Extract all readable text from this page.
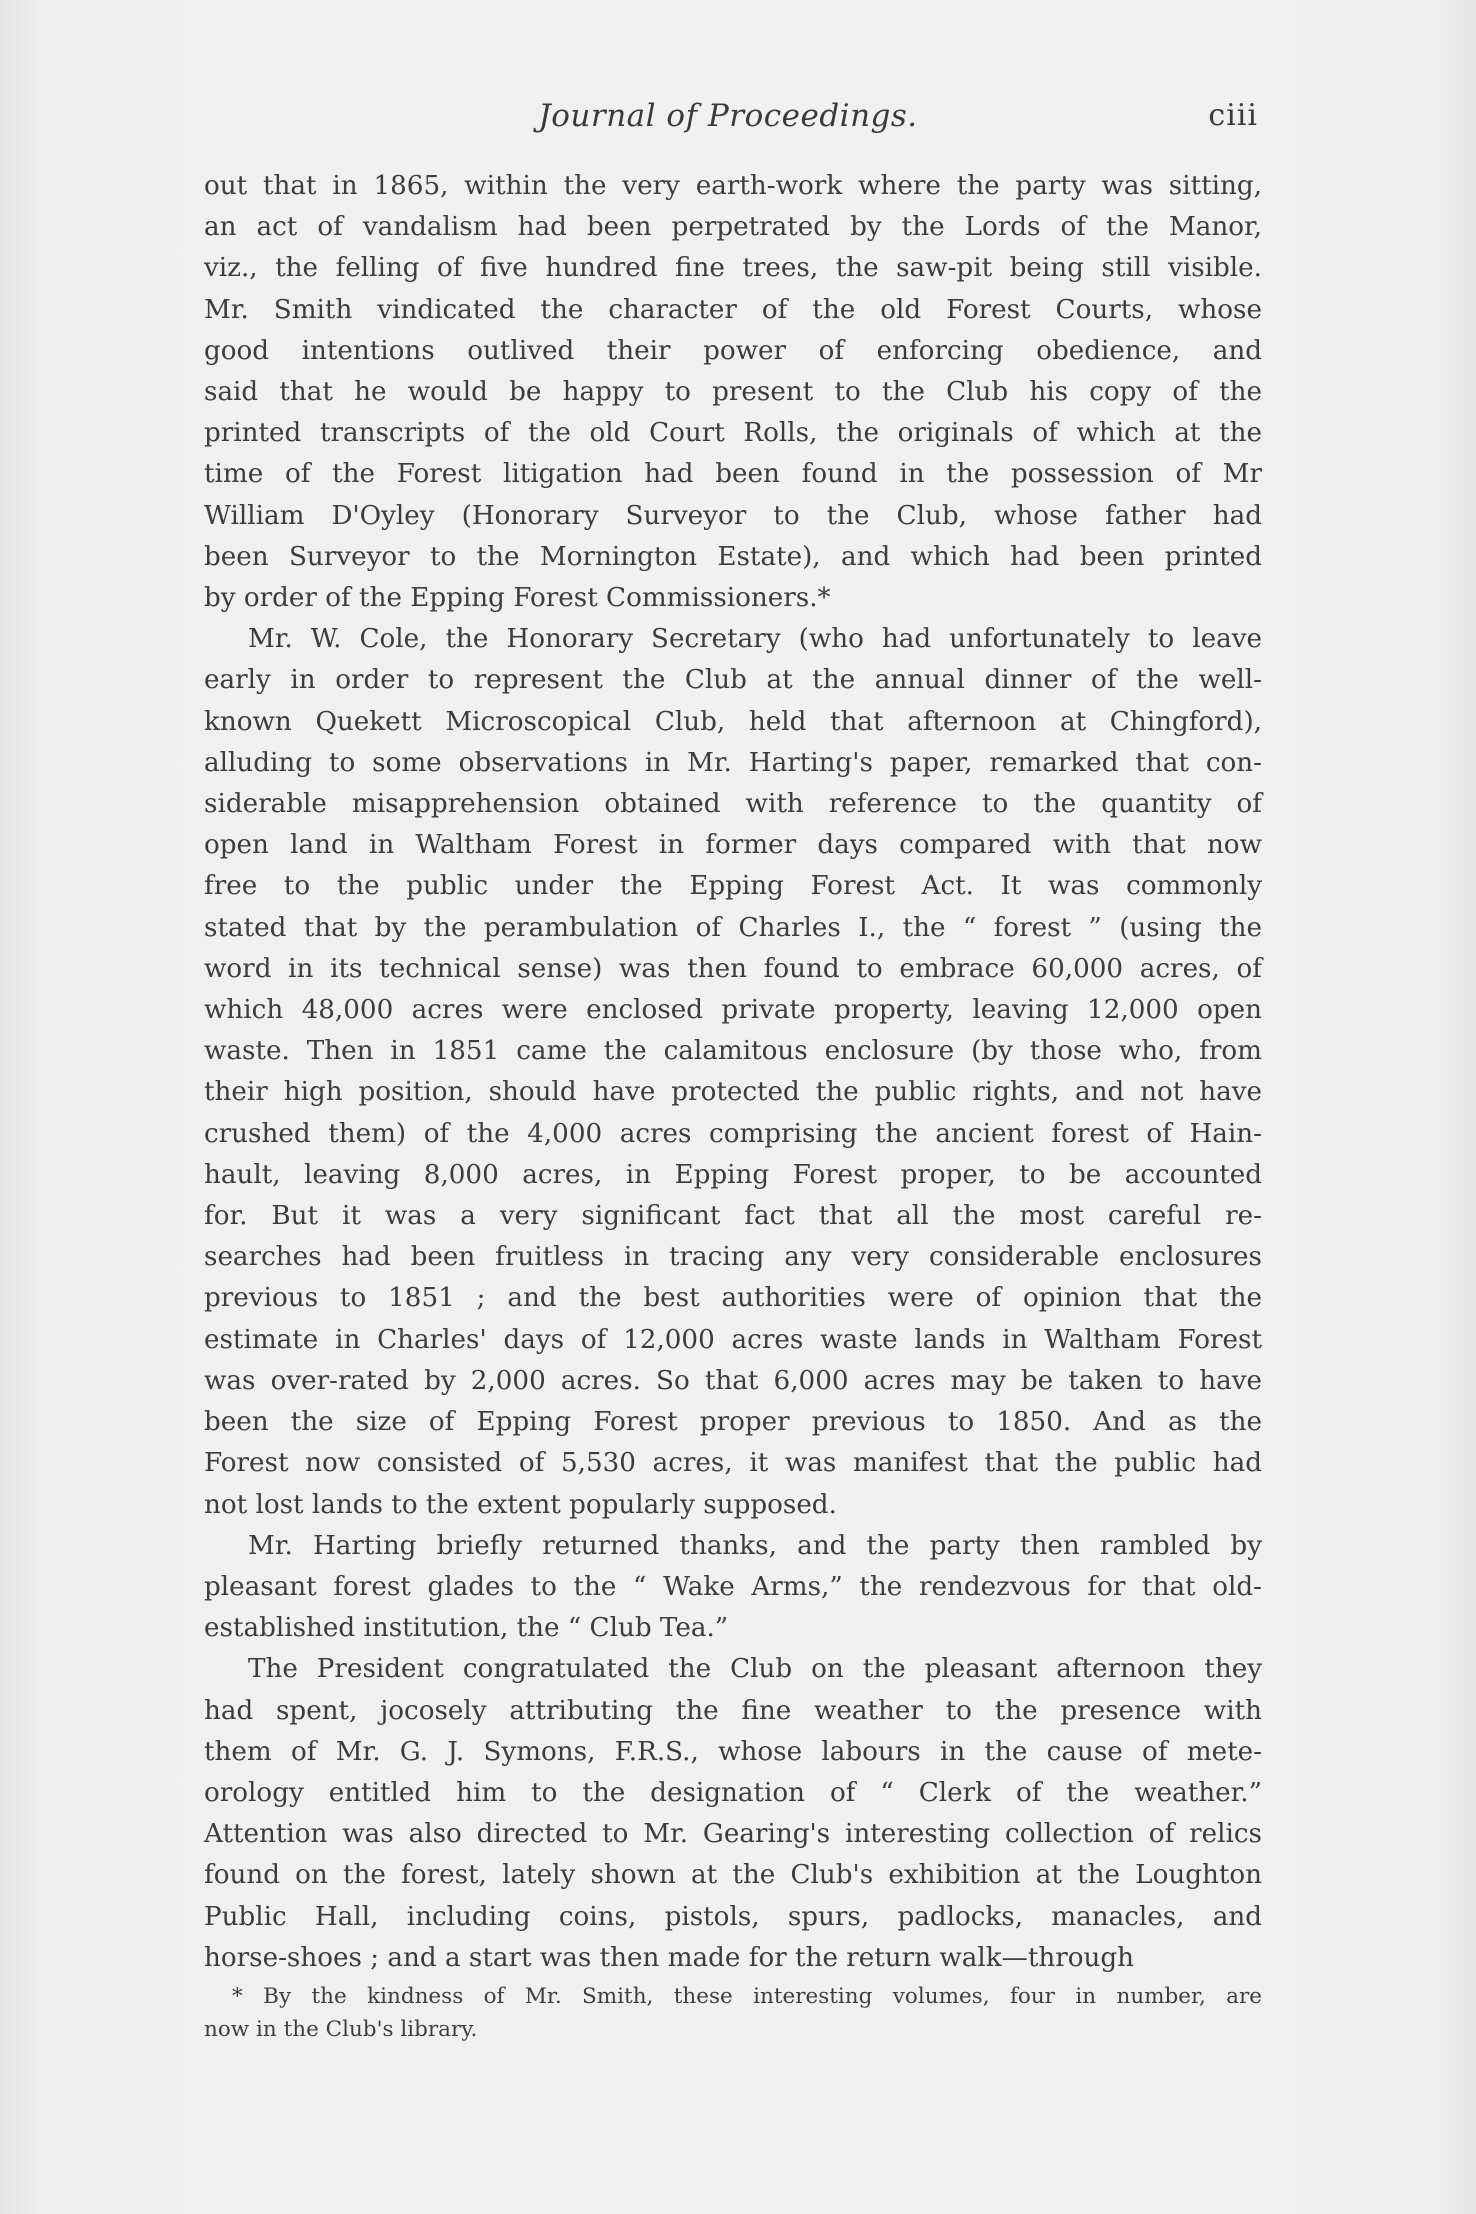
Journal of Proceedings.	ciii
out that in 1865, within the very earth-work where the party was sitting,
an act of vandalism had been perpetrated by the Lords of the Manor,
viz., the felling of five hundred fine trees, the saw-pit being still visible.
Mr. Smith vindicated the character of the old Forest Courts, whose
good intentions outlived their power of enforcing obedience, and
said that he would be happy to present to the Club his copy of the
printed transcripts of the old Court Rolls, the originals of which at the
time of the Forest litigation had been found in the possession of Mr
William D'Oyley (Honorary Surveyor to the Club, whose father had
been Surveyor to the Mornington Estate), and which had been printed
by order of the Epping Forest Commissioners.*
Mr. W. Cole, the Honorary Secretary (who had unfortunately to leave
early in order to represent the Club at the annual dinner of the well-
known Quekett Microscopical Club, held that afternoon at Chingford),
alluding to some observations in Mr. Harting's paper, remarked that con-
siderable misapprehension obtained with reference to the quantity of
open land in Waltham Forest in former days compared with that now
free to the public under the Epping Forest Act. It was commonly
stated that by the perambulation of Charles I., the “ forest ” (using the
word in its technical sense) was then found to embrace 60,000 acres, of
which 48,000 acres were enclosed private property, leaving 12,000 open
waste. Then in 1851 came the calamitous enclosure (by those who, from
their high position, should have protected the public rights, and not have
crushed them) of the 4,000 acres comprising the ancient forest of Hain-
hault, leaving 8,000 acres, in Epping Forest proper, to be accounted
for. But it was a very significant fact that all the most careful re-
searches had been fruitless in tracing any very considerable enclosures
previous to 1851 ; and the best authorities were of opinion that the
estimate in Charles' days of 12,000 acres waste lands in Waltham Forest
was over-rated by 2,000 acres. So that 6,000 acres may be taken to have
been the size of Epping Forest proper previous to 1850. And as the
Forest now consisted of 5,530 acres, it was manifest that the public had
not lost lands to the extent popularly supposed.
Mr. Harting briefly returned thanks, and the party then rambled by
pleasant forest glades to the “ Wake Arms,” the rendezvous for that old-
established institution, the “ Club Tea.”
The President congratulated the Club on the pleasant afternoon they
had spent, jocosely attributing the fine weather to the presence with
them of Mr. G. J. Symons, F.R.S., whose labours in the cause of mete-
orology entitled him to the designation of “ Clerk of the weather.”
Attention was also directed to Mr. Gearing's interesting collection of relics
found on the forest, lately shown at the Club's exhibition at the Loughton
Public Hall, including coins, pistols, spurs, padlocks, manacles, and
horse-shoes ; and a start was then made for the return walk—through
* By the kindness of Mr. Smith, these interesting volumes, four in number, are
now in the Club's library.
